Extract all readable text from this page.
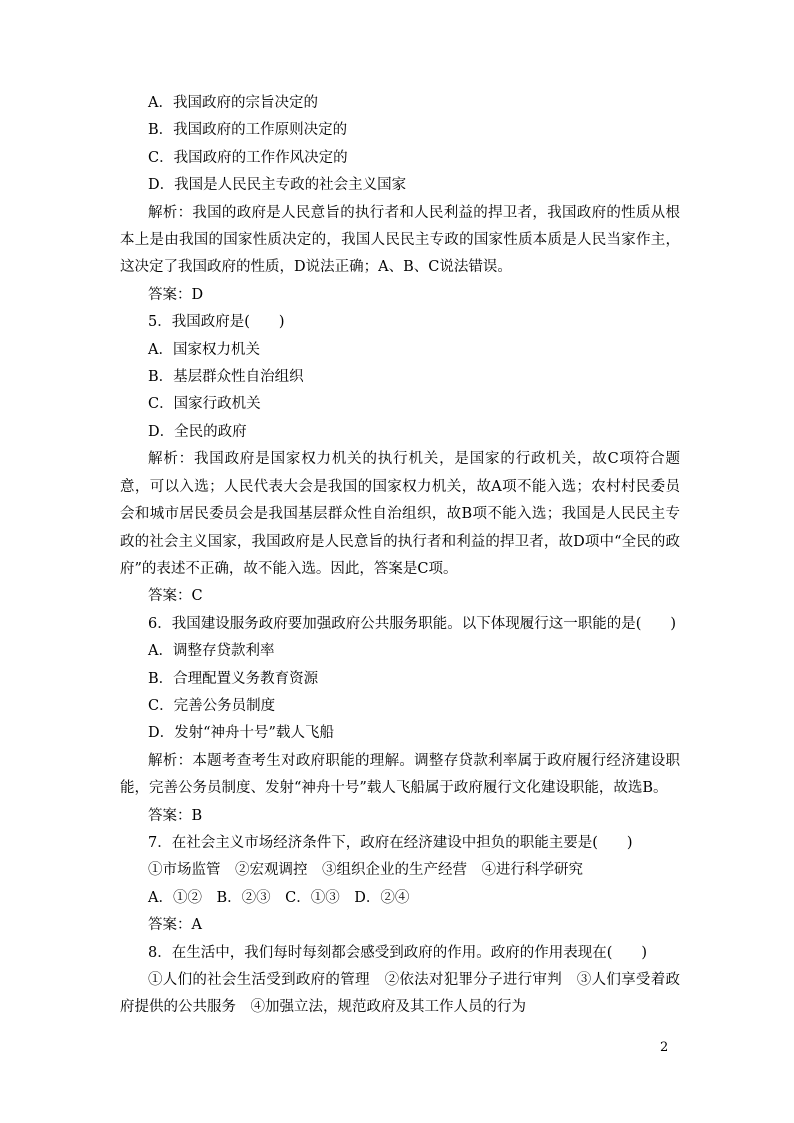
A．我国政府的宗旨决定的

B．我国政府的工作原则决定的

C．我国政府的工作作风决定的

D．我国是人民民主专政的社会主义国家

解析：我国的政府是人民意旨的执行者和人民利益的捍卫者，我国政府的性质从根本上是由我国的国家性质决定的，我国人民民主专政的国家性质本质是人民当家作主，这决定了我国政府的性质，D说法正确；A、B、C说法错误。

答案：D

5．我国政府是(　　)

A．国家权力机关

B．基层群众性自治组织

C．国家行政机关

D．全民的政府

解析：我国政府是国家权力机关的执行机关，是国家的行政机关，故C项符合题意，可以入选；人民代表大会是我国的国家权力机关，故A项不能入选；农村村民委员会和城市居民委员会是我国基层群众性自治组织，故B项不能入选；我国是人民民主专政的社会主义国家，我国政府是人民意旨的执行者和利益的捍卫者，故D项中“全民的政府”的表述不正确，故不能入选。因此，答案是C项。

答案：C

6．我国建设服务政府要加强政府公共服务职能。以下体现履行这一职能的是(　　)

A．调整存贷款利率

B．合理配置义务教育资源

C．完善公务员制度

D．发射“神舟十号”载人飞船

解析：本题考查考生对政府职能的理解。调整存贷款利率属于政府履行经济建设职能，完善公务员制度、发射“神舟十号”载人飞船属于政府履行文化建设职能，故选B。

答案：B

7．在社会主义市场经济条件下，政府在经济建设中担负的职能主要是(　　)

①市场监管　②宏观调控　③组织企业的生产经营　④进行科学研究

A．①②　B．②③　C．①③　D．②④

答案：A

8．在生活中，我们每时每刻都会感受到政府的作用。政府的作用表现在(　　)

①人们的社会生活受到政府的管理　②依法对犯罪分子进行审判　③人们享受着政府提供的公共服务　④加强立法，规范政府及其工作人员的行为

2
